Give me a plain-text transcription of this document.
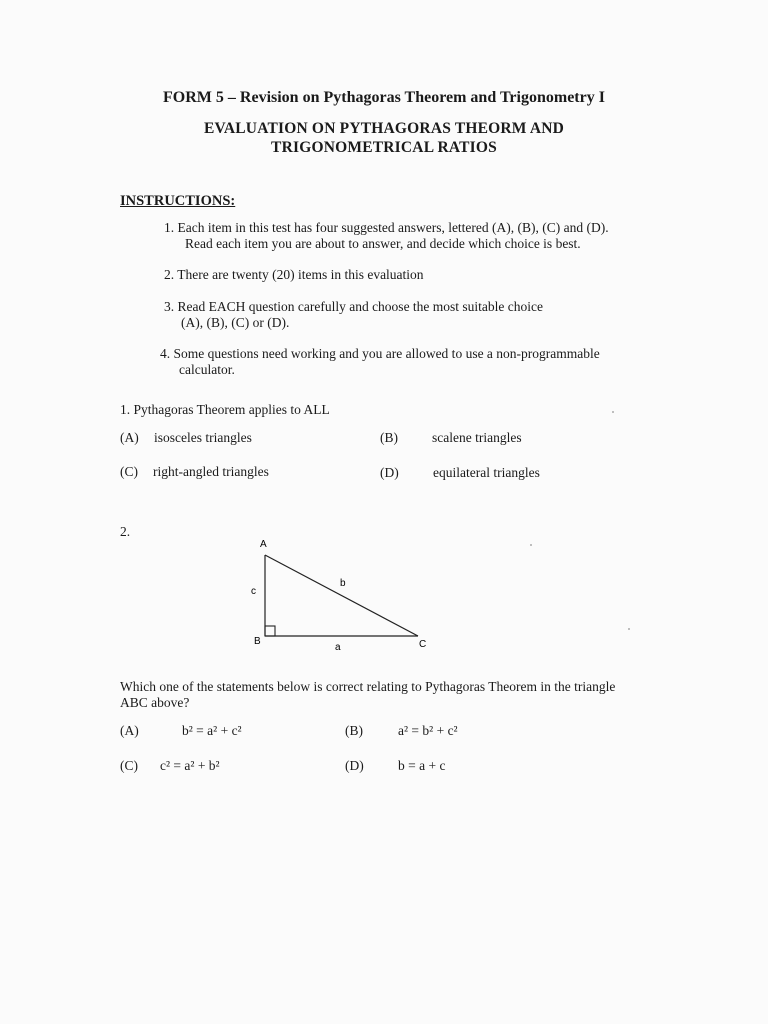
FORM 5 – Revision on Pythagoras Theorem and Trigonometry I
EVALUATION ON PYTHAGORAS THEORM AND
TRIGONOMETRICAL RATIOS
INSTRUCTIONS:
1. Each item in this test has four suggested answers, lettered (A), (B), (C) and (D).
Read each item you are about to answer, and decide which choice is best.
2. There are twenty (20) items in this evaluation
3. Read EACH question carefully and choose the most suitable choice
(A), (B), (C) or (D).
4. Some questions need working and you are allowed to use a non-programmable
calculator.
1. Pythagoras Theorem applies to ALL
(A) isosceles triangles	(B)	scalene triangles
(C) right-angled triangles	(D)	equilateral triangles
2.
A
B	C
a
b
c
Which one of the statements below is correct relating to Pythagoras Theorem in the triangle
ABC above?
(A)	b² = a² + c²	(B)	a² = b² + c²
(C) c² = a² + b²	(D)	b = a + c
